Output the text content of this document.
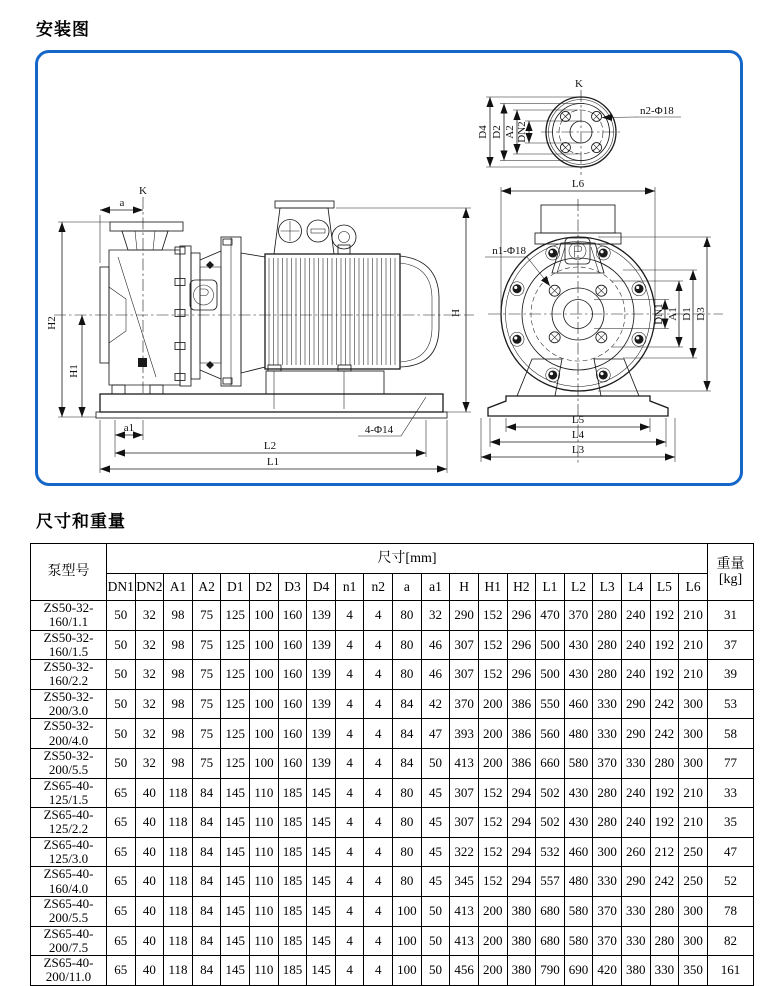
安装图
K
a
H2
H1
H
a1
L2
L1
4-Φ14
L6
n1-Φ18
DN1 A1 D1 D3
L5
L4
L3
K
D4 D2 A2 DN2
n2-Φ18
尺寸和重量
泵型号	尺寸[mm]																					重量
[kg]
	DN1	DN2	A1	A2	D1	D2	D3	D4	n1	n2	a	a1	H	H1	H2	L1	L2	L3	L4	L5	L6	
ZS50-32-160/1.1	50	32	98	75	125	100	160	139	4	4	80	32	290	152	296	470	370	280	240	192	210	31
ZS50-32-160/1.5	50	32	98	75	125	100	160	139	4	4	80	46	307	152	296	500	430	280	240	192	210	37
ZS50-32-160/2.2	50	32	98	75	125	100	160	139	4	4	80	46	307	152	296	500	430	280	240	192	210	39
ZS50-32-200/3.0	50	32	98	75	125	100	160	139	4	4	84	42	370	200	386	550	460	330	290	242	300	53
ZS50-32-200/4.0	50	32	98	75	125	100	160	139	4	4	84	47	393	200	386	560	480	330	290	242	300	58
ZS50-32-200/5.5	50	32	98	75	125	100	160	139	4	4	84	50	413	200	386	660	580	370	330	280	300	77
ZS65-40-125/1.5	65	40	118	84	145	110	185	145	4	4	80	45	307	152	294	502	430	280	240	192	210	33
ZS65-40-125/2.2	65	40	118	84	145	110	185	145	4	4	80	45	307	152	294	502	430	280	240	192	210	35
ZS65-40-125/3.0	65	40	118	84	145	110	185	145	4	4	80	45	322	152	294	532	460	300	260	212	250	47
ZS65-40-160/4.0	65	40	118	84	145	110	185	145	4	4	80	45	345	152	294	557	480	330	290	242	250	52
ZS65-40-200/5.5	65	40	118	84	145	110	185	145	4	4	100	50	413	200	380	680	580	370	330	280	300	78
ZS65-40-200/7.5	65	40	118	84	145	110	185	145	4	4	100	50	413	200	380	680	580	370	330	280	300	82
ZS65-40-200/11.0	65	40	118	84	145	110	185	145	4	4	100	50	456	200	380	790	690	420	380	330	350	161
